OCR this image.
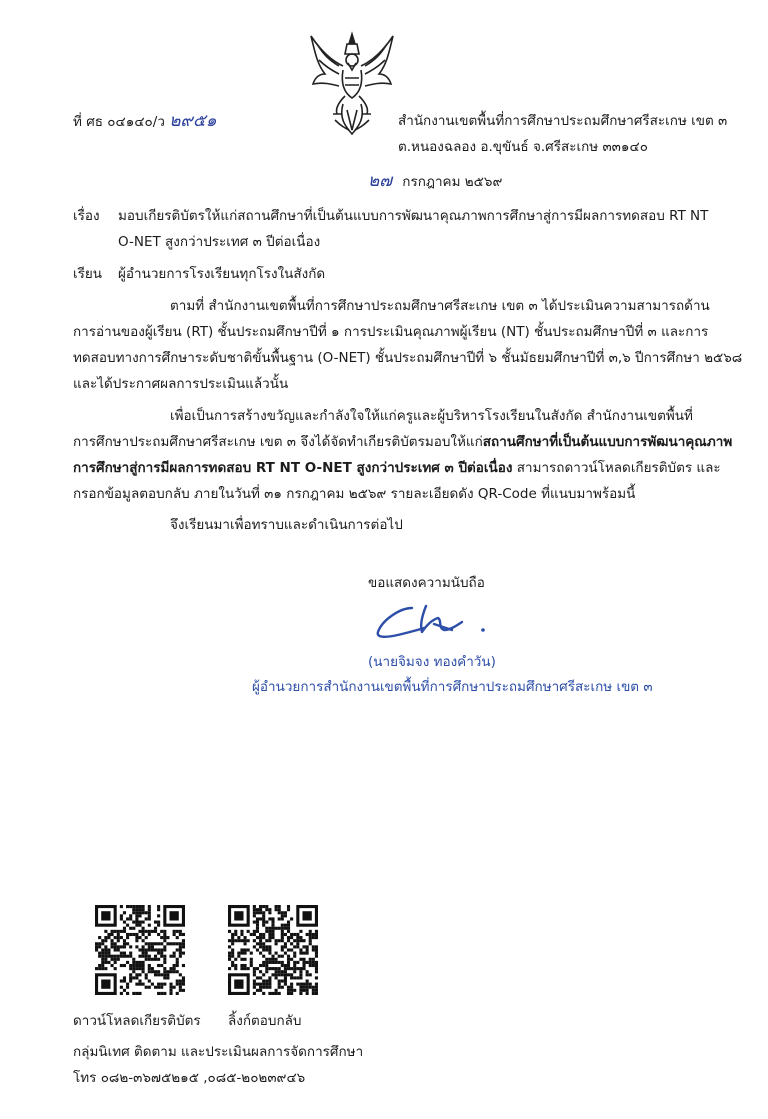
ที่ ศธ ๐๔๑๔๐/ว ๒๙๕๑	สำนักงานเขตพื้นที่การศึกษาประถมศึกษาศรีสะเกษ เขต ๓
ต.หนองฉลอง อ.ขุขันธ์ จ.ศรีสะเกษ ๓๓๑๔๐
๒๗ กรกฎาคม ๒๕๖๙
เรื่อง มอบเกียรติบัตรให้แก่สถานศึกษาที่เป็นต้นแบบการพัฒนาคุณภาพการศึกษาสู่การมีผลการทดสอบ RT NT
O-NET สูงกว่าประเทศ ๓ ปีต่อเนื่อง
เรียน ผู้อำนวยการโรงเรียนทุกโรงในสังกัด
ตามที่ สำนักงานเขตพื้นที่การศึกษาประถมศึกษาศรีสะเกษ เขต ๓ ได้ประเมินความสามารถด้าน
การอ่านของผู้เรียน (RT) ชั้นประถมศึกษาปีที่ ๑ การประเมินคุณภาพผู้เรียน (NT) ชั้นประถมศึกษาปีที่ ๓ และการ
ทดสอบทางการศึกษาระดับชาติขั้นพื้นฐาน (O-NET) ชั้นประถมศึกษาปีที่ ๖ ชั้นมัธยมศึกษาปีที่ ๓,๖ ปีการศึกษา ๒๕๖๘
และได้ประกาศผลการประเมินแล้วนั้น
เพื่อเป็นการสร้างขวัญและกำลังใจให้แก่ครูและผู้บริหารโรงเรียนในสังกัด สำนักงานเขตพื้นที่
การศึกษาประถมศึกษาศรีสะเกษ เขต ๓ จึงได้จัดทำเกียรติบัตรมอบให้แก่สถานศึกษาที่เป็นต้นแบบการพัฒนาคุณภาพ
การศึกษาสู่การมีผลการทดสอบ RT NT O-NET สูงกว่าประเทศ ๓ ปีต่อเนื่อง สามารถดาวน์โหลดเกียรติบัตร และ
กรอกข้อมูลตอบกลับ ภายในวันที่ ๓๑ กรกฎาคม ๒๕๖๙ รายละเอียดดัง QR-Code ที่แนบมาพร้อมนี้
จึงเรียนมาเพื่อทราบและดำเนินการต่อไป
ขอแสดงความนับถือ
(นายจิมจง ทองคำวัน)
ผู้อำนวยการสำนักงานเขตพื้นที่การศึกษาประถมศึกษาศรีสะเกษ เขต ๓
ดาวน์โหลดเกียรติบัตร ลิ้งก์ตอบกลับ
กลุ่มนิเทศ ติดตาม และประเมินผลการจัดการศึกษา
โทร ๐๘๒-๓๖๗๕๒๑๕ ,๐๘๕-๒๐๒๓๙๔๖
